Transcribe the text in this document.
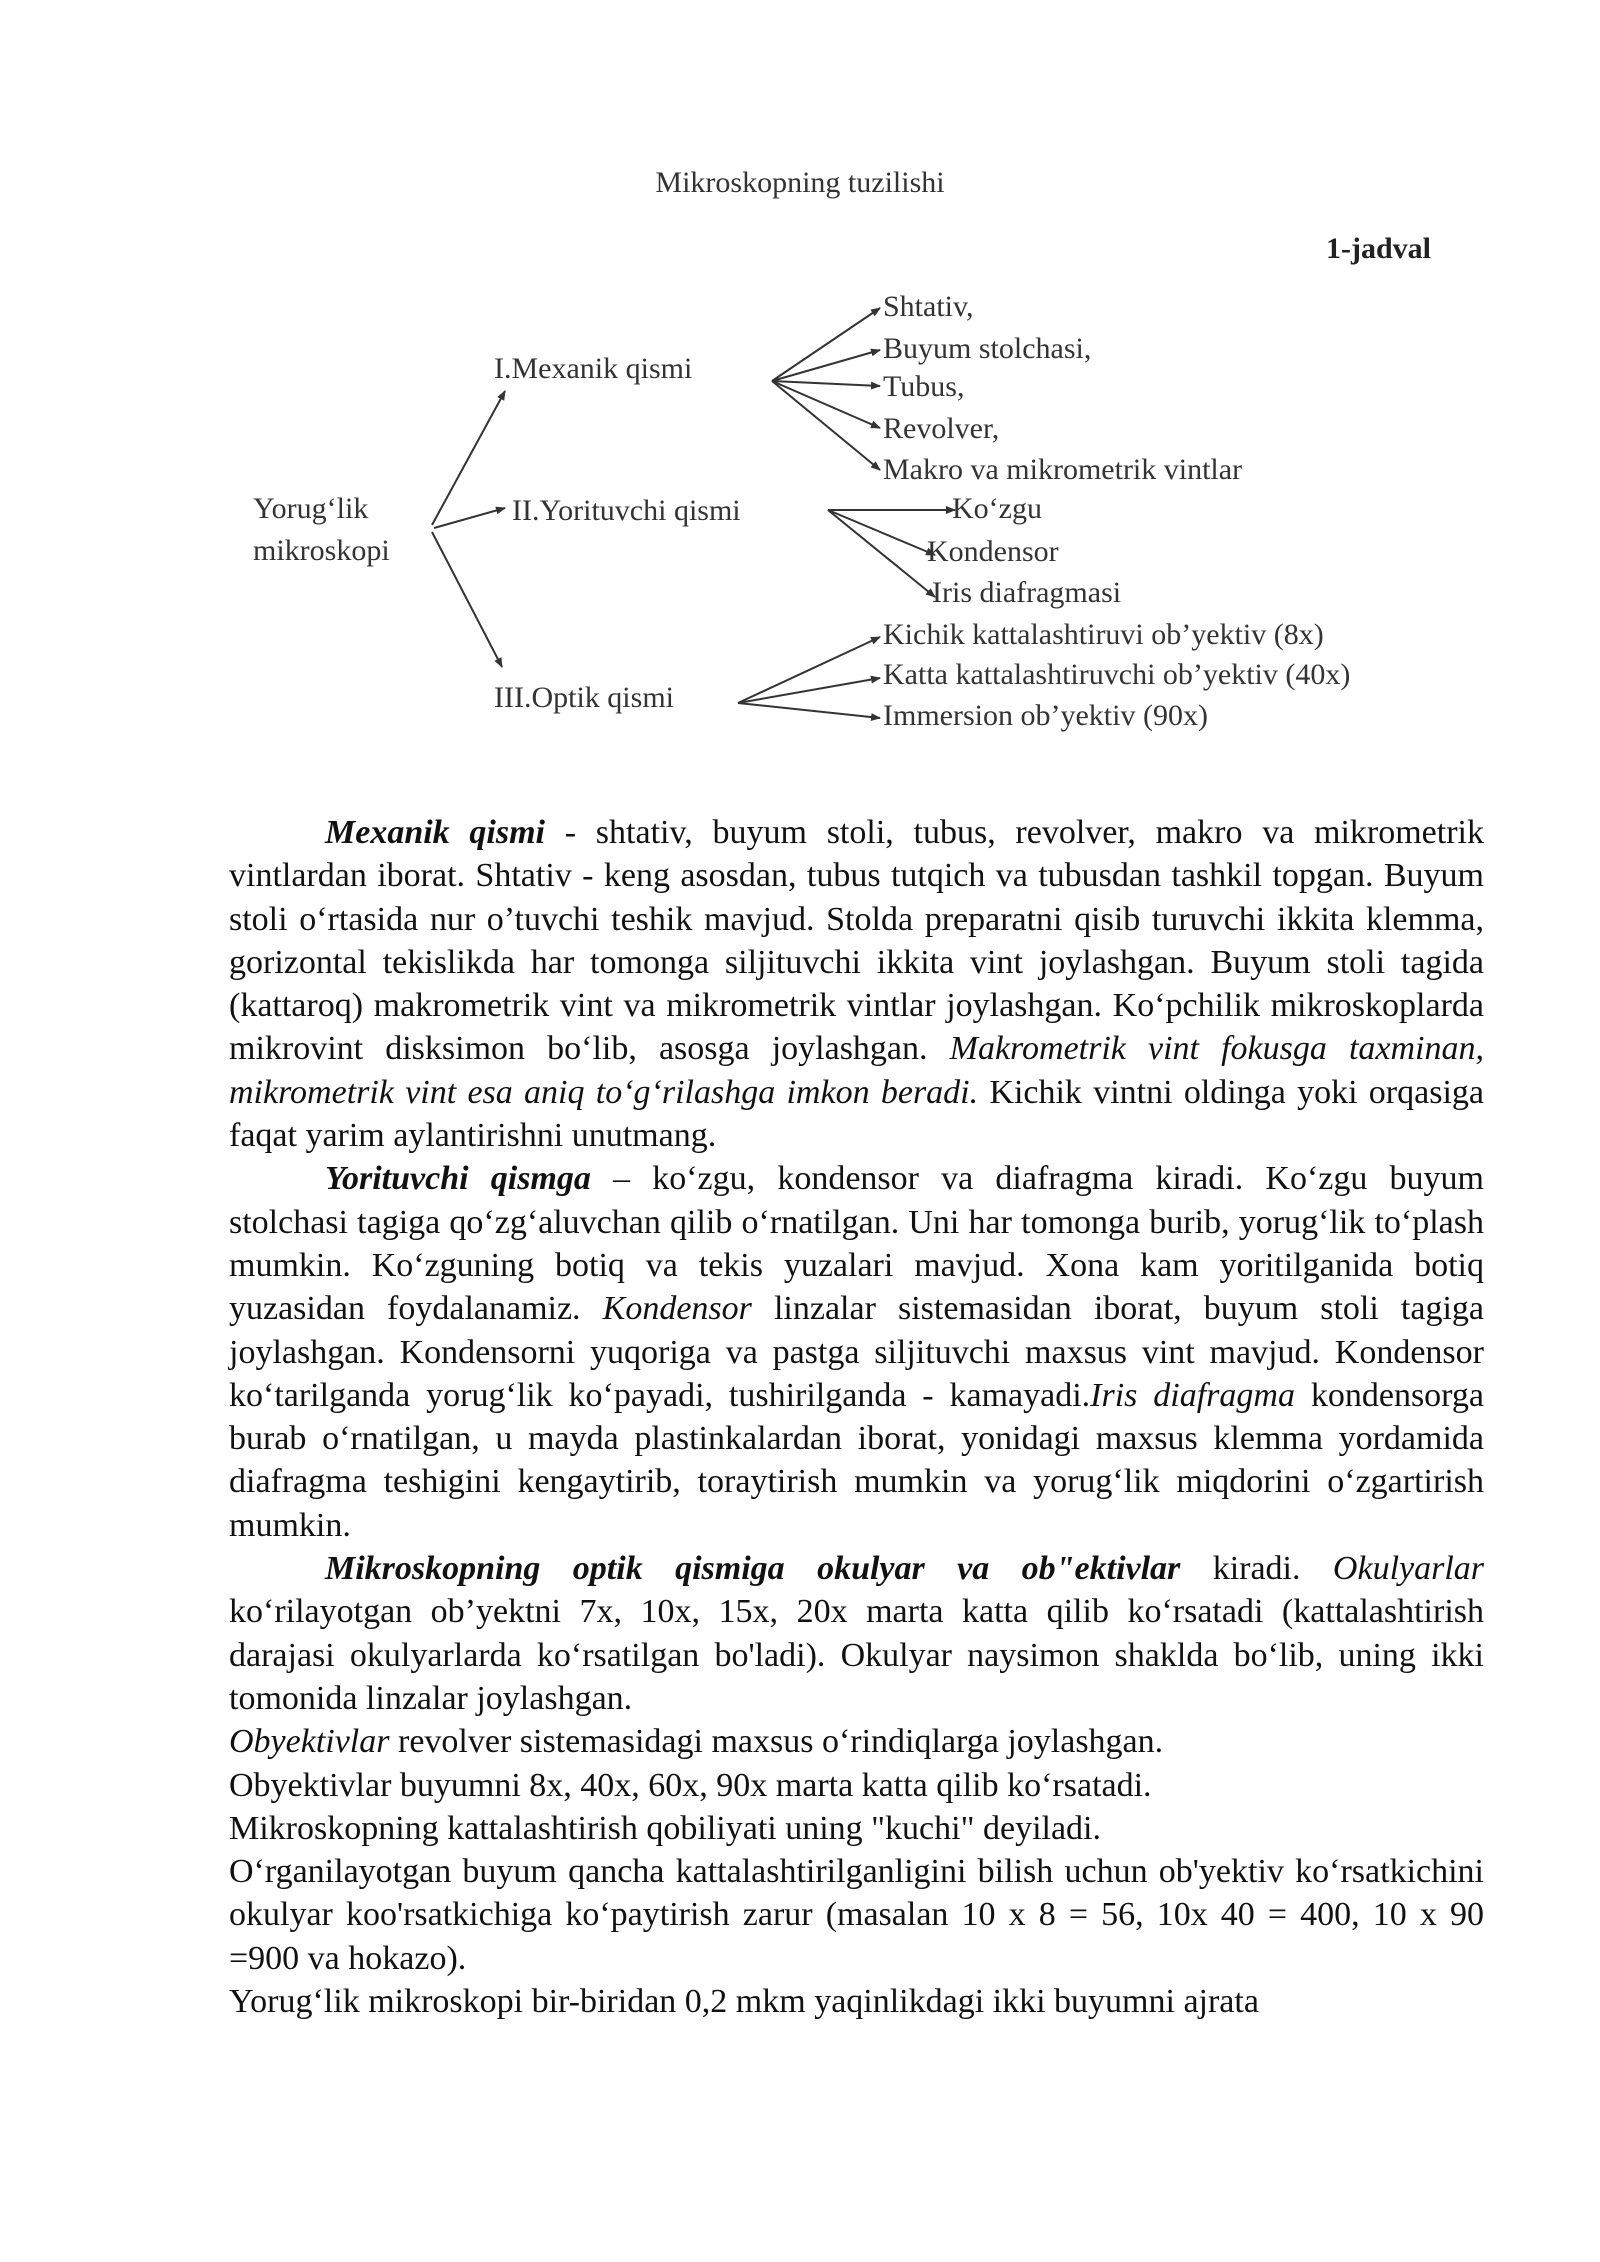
Mikroskopning tuzilishi
1-jadval
Yorug‘lik
mikroskopi
I.Mexanik qismi
II.Yorituvchi qismi
III.Optik qismi
Shtativ,
Buyum stolchasi,
Tubus,
Revolver,
Makro va mikrometrik vintlar
Ko‘zgu
Kondensor
Iris diafragmasi
Kichik kattalashtiruvi ob’yektiv (8x)
Katta kattalashtiruvchi ob’yektiv (40x)
Immersion ob’yektiv (90x)

Mexanik qismi - shtativ, buyum stoli, tubus, revolver, makro va mikrometrik vintlardan iborat. Shtativ - keng asosdan, tubus tutqich va tubusdan tashkil topgan. Buyum stoli o‘rtasida nur o’tuvchi teshik mavjud. Stolda preparatni qisib turuvchi ikkita klemma, gorizontal tekislikda har tomonga siljituvchi ikkita vint joylashgan. Buyum stoli tagida (kattaroq) makrometrik vint va mikrometrik vintlar joylashgan. Ko‘pchilik mikroskoplarda mikrovint disksimon bo‘lib, asosga joylashgan. Makrometrik vint fokusga taxminan, mikrometrik vint esa aniq to‘g‘rilashga imkon beradi. Kichik vintni oldinga yoki orqasiga faqat yarim aylantirishni unutmang.

Yorituvchi qismga – ko‘zgu, kondensor va diafragma kiradi. Ko‘zgu buyum stolchasi tagiga qo‘zg‘aluvchan qilib o‘rnatilgan. Uni har tomonga burib, yorug‘lik to‘plash mumkin. Ko‘zguning botiq va tekis yuzalari mavjud. Xona kam yoritilganida botiq yuzasidan foydalanamiz. Kondensor linzalar sistemasidan iborat, buyum stoli tagiga joylashgan. Kondensorni yuqoriga va pastga siljituvchi maxsus vint mavjud. Kondensor ko‘tarilganda yorug‘lik ko‘payadi, tushirilganda - kamayadi.Iris diafragma kondensorga burab o‘rnatilgan, u mayda plastinkalardan iborat, yonidagi maxsus klemma yordamida diafragma teshigini kengaytirib, toraytirish mumkin va yorug‘lik miqdorini o‘zgartirish mumkin.

Mikroskopning optik qismiga okulyar va ob"ektivlar kiradi. Okulyarlar ko‘rilayotgan ob’yektni 7x, 10x, 15x, 20x marta katta qilib ko‘rsatadi (kattalashtirish darajasi okulyarlarda ko‘rsatilgan bo'ladi). Okulyar naysimon shaklda bo‘lib, uning ikki tomonida linzalar joylashgan.

Obyektivlar revolver sistemasidagi maxsus o‘rindiqlarga joylashgan.

Obyektivlar buyumni 8x, 40x, 60x, 90x marta katta qilib ko‘rsatadi.

Mikroskopning kattalashtirish qobiliyati uning "kuchi" deyiladi.

O‘rganilayotgan buyum qancha kattalashtirilganligini bilish uchun ob'yektiv ko‘rsatkichini okulyar koo'rsatkichiga ko‘paytirish zarur (masalan 10 x 8 = 56, 10x 40 = 400, 10 x 90 =900 va hokazo).

Yorug‘lik mikroskopi bir-biridan 0,2 mkm yaqinlikdagi ikki buyumni ajrata
